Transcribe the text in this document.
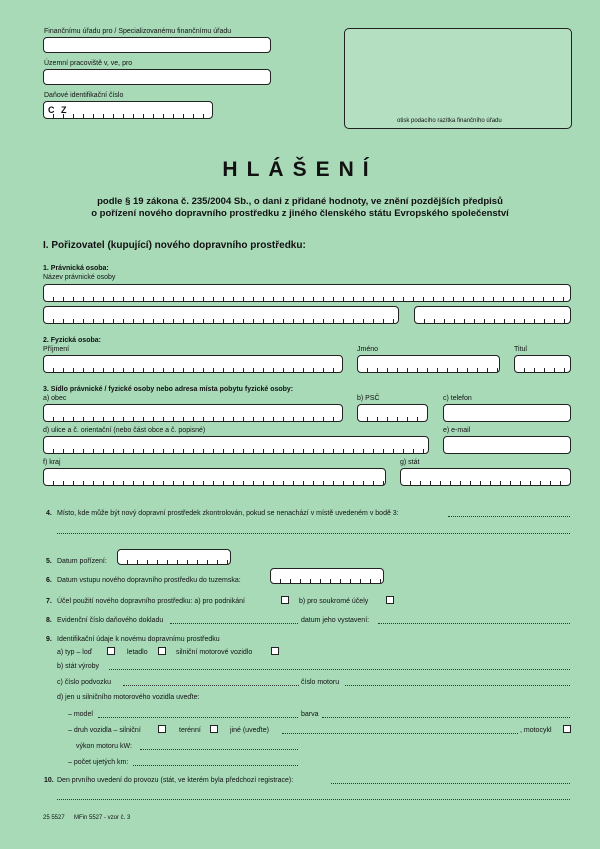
Finančnímu úřadu pro / Specializovanému finančnímu úřadu
Územní pracoviště v, ve, pro
Daňové identifikační číslo
C Z
otisk podacího razítka finančního úřadu
HLÁŠENÍ
podle § 19 zákona č. 235/2004 Sb., o dani z přidané hodnoty, ve znění pozdějších předpisů
o pořízení nového dopravního prostředku z jiného členského státu Evropského společenství
I. Pořizovatel (kupující) nového dopravního prostředku:
1. Právnická osoba:
Název právnické osoby
2. Fyzická osoba:
Příjmení	Jméno	Titul
3. Sídlo právnické / fyzické osoby nebo adresa místa pobytu fyzické osoby:
a) obec	b) PSČ	c) telefon
d) ulice a č. orientační (nebo část obce a č. popisné)	e) e-mail
f) kraj	g) stát
4. Místo, kde může být nový dopravní prostředek zkontrolován, pokud se nenachází v místě uvedeném v bodě 3:
5. Datum pořízení:
6. Datum vstupu nového dopravního prostředku do tuzemska:
7. Účel použití nového dopravního prostředku: a) pro podnikání	b) pro soukromé účely
8. Evidenční číslo daňového dokladu	datum jeho vystavení:
9. Identifikační údaje k novému dopravnímu prostředku
a) typ – loď	letadlo	silniční motorové vozidlo
b) stát výroby
c) číslo podvozku	číslo motoru
d) jen u silničního motorového vozidla uveďte:
– model	barva
– druh vozidla – silniční	terénní	jiné (uveďte)	, motocykl
výkon motoru kW:
– počet ujetých km:
10. Den prvního uvedení do provozu (stát, ve kterém byla předchozí registrace):
25 5527 MFin 5527 - vzor č. 3
